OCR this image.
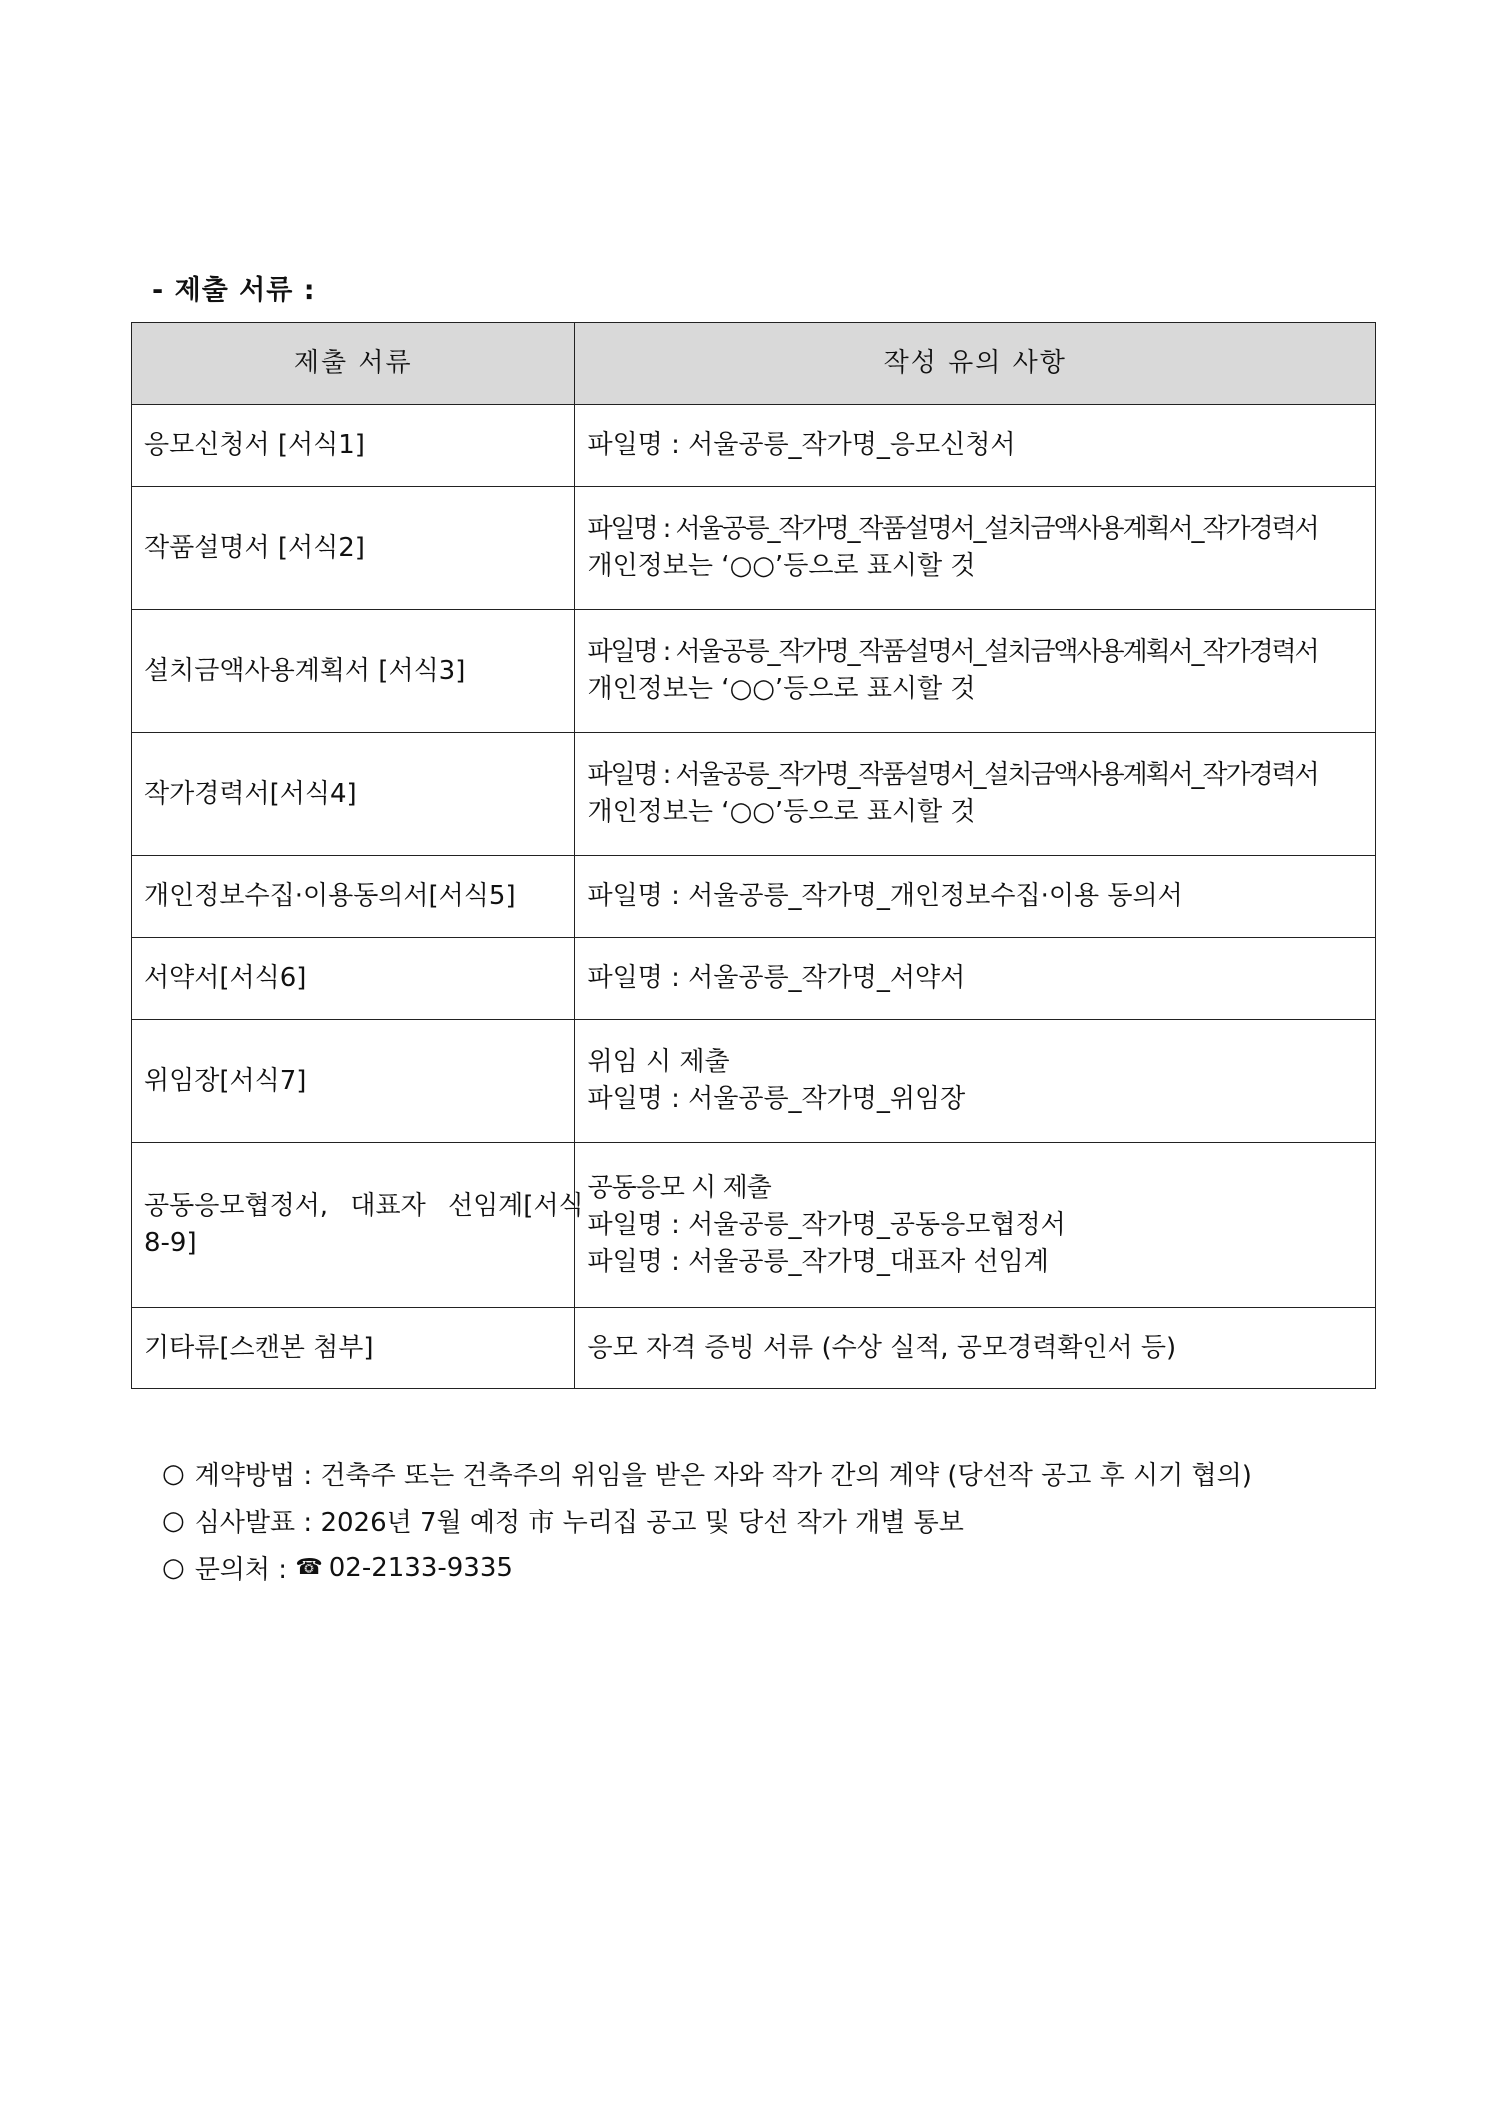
- 제출 서류 :
제출 서류	작성 유의 사항
응모신청서 [서식1]	파일명 : 서울공릉_작가명_응모신청서

작품설명서 [서식2]	파일명 : 서울공릉_작가명_작품설명서_설치금액사용계획서_작가경력서
개인정보는 ‘○○’등으로 표시할 것

설치금액사용계획서 [서식3]	파일명 : 서울공릉_작가명_작품설명서_설치금액사용계획서_작가경력서
개인정보는 ‘○○’등으로 표시할 것

작가경력서[서식4]	파일명 : 서울공릉_작가명_작품설명서_설치금액사용계획서_작가경력서
개인정보는 ‘○○’등으로 표시할 것

개인정보수집·이용동의서[서식5]	파일명 : 서울공릉_작가명_개인정보수집·이용 동의서

서약서[서식6]	파일명 : 서울공릉_작가명_서약서

위임장[서식7]	위임 시 제출
파일명 : 서울공릉_작가명_위임장

공동응모협정서, 대표자 선임계[서식
8-9]	공동응모 시 제출
파일명 : 서울공릉_작가명_공동응모협정서
파일명 : 서울공릉_작가명_대표자 선임계

기타류[스캔본 첨부]	응모 자격 증빙 서류 (수상 실적, 공모경력확인서 등)
○ 계약방법 : 건축주 또는 건축주의 위임을 받은 자와 작가 간의 계약 (당선작 공고 후 시기 협의)
○ 심사발표 : 2026년 7월 예정 市 누리집 공고 및 당선 작가 개별 통보
○ 문의처 : ☎ 02-2133-9335
